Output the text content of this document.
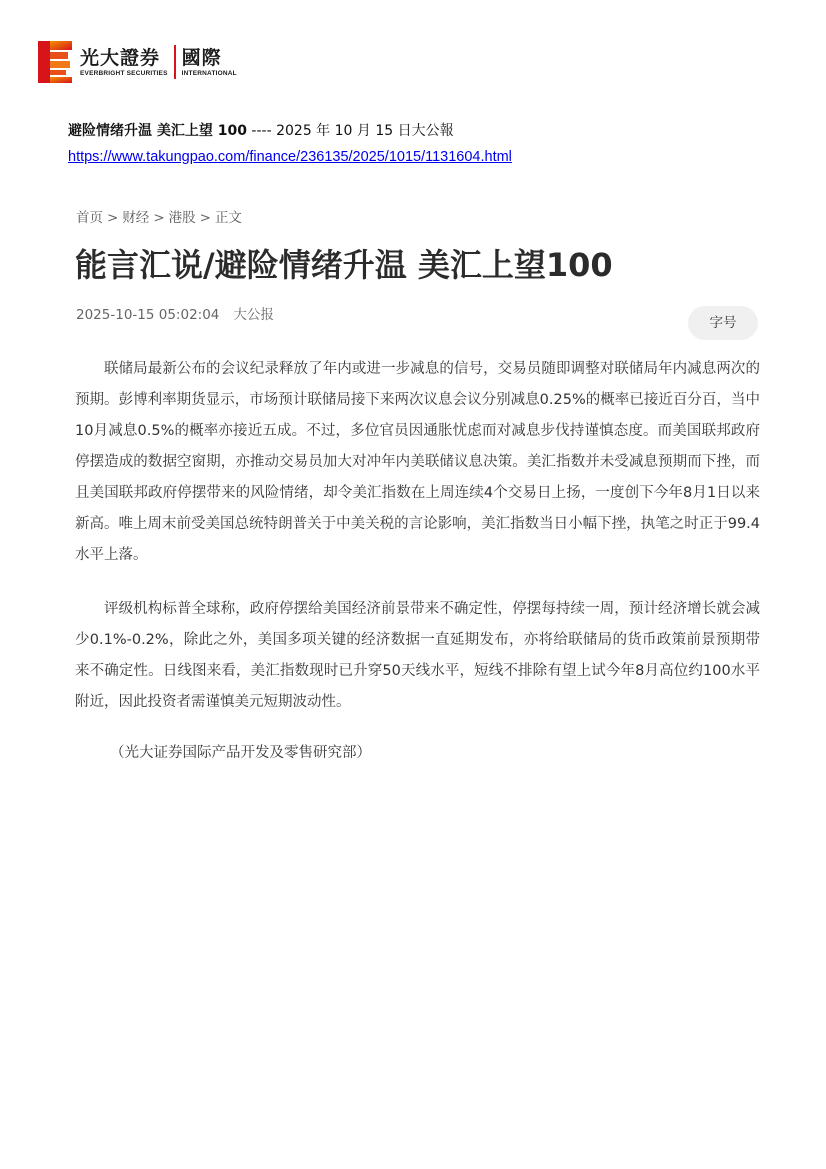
光大證券
EVERBRIGHT SECURITIES
國際
INTERNATIONAL
避险情绪升温 美汇上望 100 ---- 2025 年 10 月 15 日大公報
https://www.takungpao.com/finance/236135/2025/1015/1131604.html
首页 > 财经 > 港股 > 正文
能言汇说/避险情绪升温 美汇上望100
2025-10-15 05:02:04 大公报	字号

联储局最新公布的会议纪录释放了年内或进一步减息的信号，交易员随即调整对联储局年内减息两次的预期。彭博利率期货显示，市场预计联储局接下来两次议息会议分别减息0.25%的概率已接近百分百，当中10月减息0.5%的概率亦接近五成。不过，多位官员因通胀忧虑而对减息步伐持谨慎态度。而美国联邦政府停摆造成的数据空窗期，亦推动交易员加大对冲年内美联储议息决策。美汇指数并未受减息预期而下挫，而且美国联邦政府停摆带来的风险情绪，却令美汇指数在上周连续4个交易日上扬，一度创下今年8月1日以来新高。唯上周末前受美国总统特朗普关于中美关税的言论影响，美汇指数当日小幅下挫，执笔之时正于99.4水平上落。

评级机构标普全球称，政府停摆给美国经济前景带来不确定性，停摆每持续一周，预计经济增长就会减少0.1%-0.2%，除此之外，美国多项关键的经济数据一直延期发布，亦将给联储局的货币政策前景预期带来不确定性。日线图来看，美汇指数现时已升穿50天线水平，短线不排除有望上试今年8月高位约100水平附近，因此投资者需谨慎美元短期波动性。

（光大证券国际产品开发及零售研究部）
